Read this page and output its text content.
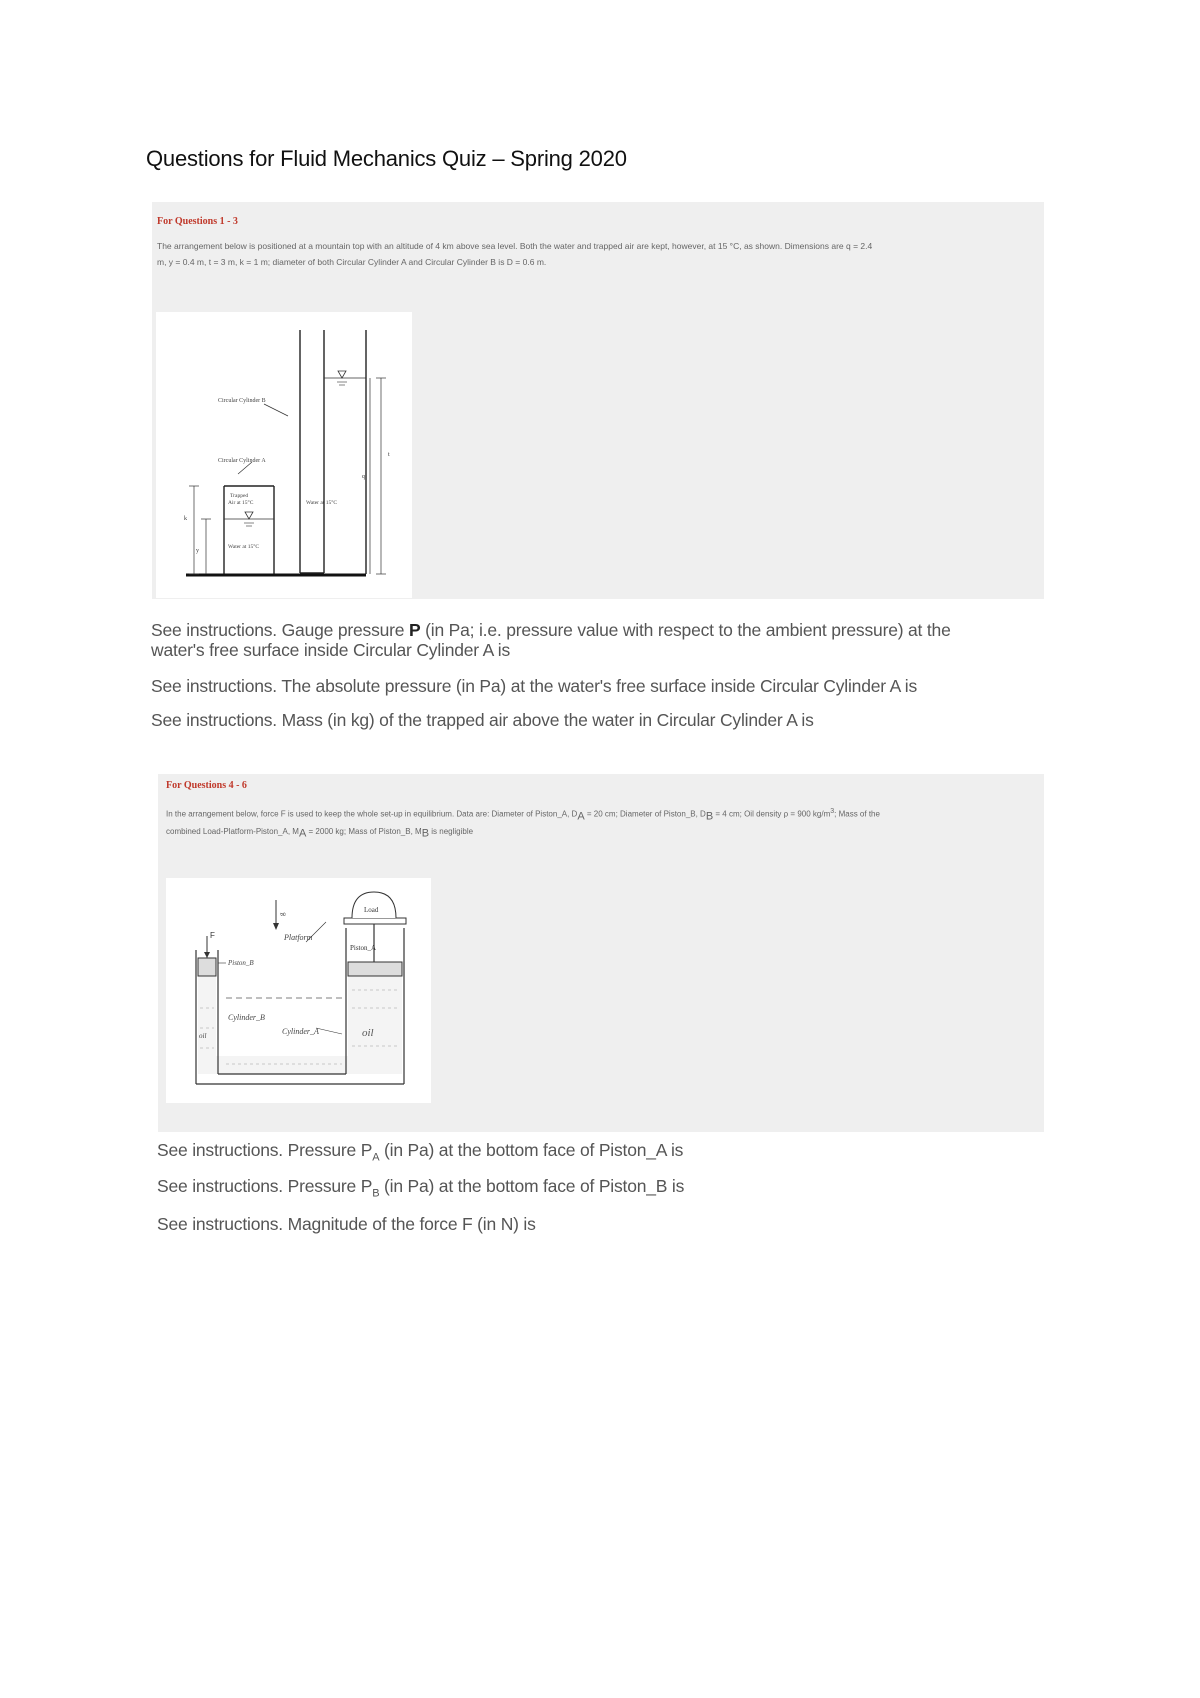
Questions for Fluid Mechanics Quiz – Spring 2020
For Questions 1 - 3
The arrangement below is positioned at a mountain top with an altitude of 4 km above sea level. Both the water and trapped air are kept, however, at 15 °C, as shown. Dimensions are q = 2.4
m, y = 0.4 m, t = 3 m, k = 1 m; diameter of both Circular Cylinder A and Circular Cylinder B is D = 0.6 m.
t
q
k
y
Circular Cylinder B
Circular Cylinder A
Trapped
Air at 15°C
Water at 15°C
Water at 15°C
See instructions. Gauge pressure P (in Pa; i.e. pressure value with respect to the ambient pressure) at the
water's free surface inside Circular Cylinder A is
See instructions. The absolute pressure (in Pa) at the water's free surface inside Circular Cylinder A is
See instructions. Mass (in kg) of the trapped air above the water in Circular Cylinder A is
For Questions 4 - 6
In the arrangement below, force F is used to keep the whole set-up in equilibrium. Data are: Diameter of Piston_A, $D_A = 20$ cm; Diameter of Piston_B, $D_B = 4$ cm; Oil density ρ = 900 $kg/m^3$; Mass of the
combined Load-Platform-Piston_A, $M_A = 2000$ kg; Mass of Piston_B, $M_B$ is negligible
Load
g
Platform
Piston_A
F
Piston_B
Cylinder_B
Cylinder_A
oil	oil
See instructions. Pressure $P_A$ (in Pa) at the bottom face of Piston_A is
See instructions. Pressure $P_B$ (in Pa) at the bottom face of Piston_B is
See instructions. Magnitude of the force F (in N) is
